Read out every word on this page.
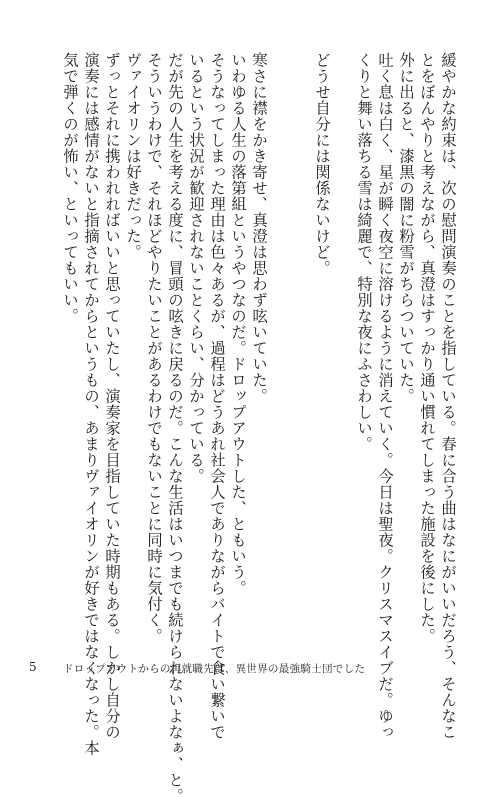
緩やかな約束は、次の慰問演奏のことを指している。春に合う曲はなにがいいだろう、そんなこ
とをぼんやりと考えながら、真澄はすっかり通い慣れてしまった施設を後にした。
外に出ると、漆黒の闇に粉雪がちらついていた。
吐く息は白く、星が瞬く夜空に溶けるように消えていく。今日は聖夜。クリスマスイブだ。ゆっ
くりと舞い落ちる雪は綺麗で、特別な夜にふさわしい。
どうせ自分には関係ないけど。
寒さに襟をかき寄せ、真澄は思わず呟いていた。
いわゆる人生の落第組というやつなのだ。ドロップアウトした、ともいう。
そうなってしまった理由は色々あるが、過程はどうあれ社会人でありながらバイトで食い繋いで
いるという状況が歓迎されないことくらい、分かっている。
だが先の人生を考える度に、冒頭の呟きに戻るのだ。こんな生活はいつまでも続けられないよなぁ、と。
そういうわけで、それほどやりたいことがあるわけでもないことに同時に気付く。
ヴァイオリンは好きだった。
ずっとそれに携われればいいと思っていたし、演奏家を目指していた時期もある。しかし自分の
演奏には感情がないと指摘されてからというもの、あまりヴァイオリンが好きではなくなった。本
気で弾くのが怖い、といってもいい。
5	ドロップアウトからの再就職先は、異世界の最強騎士団でした
